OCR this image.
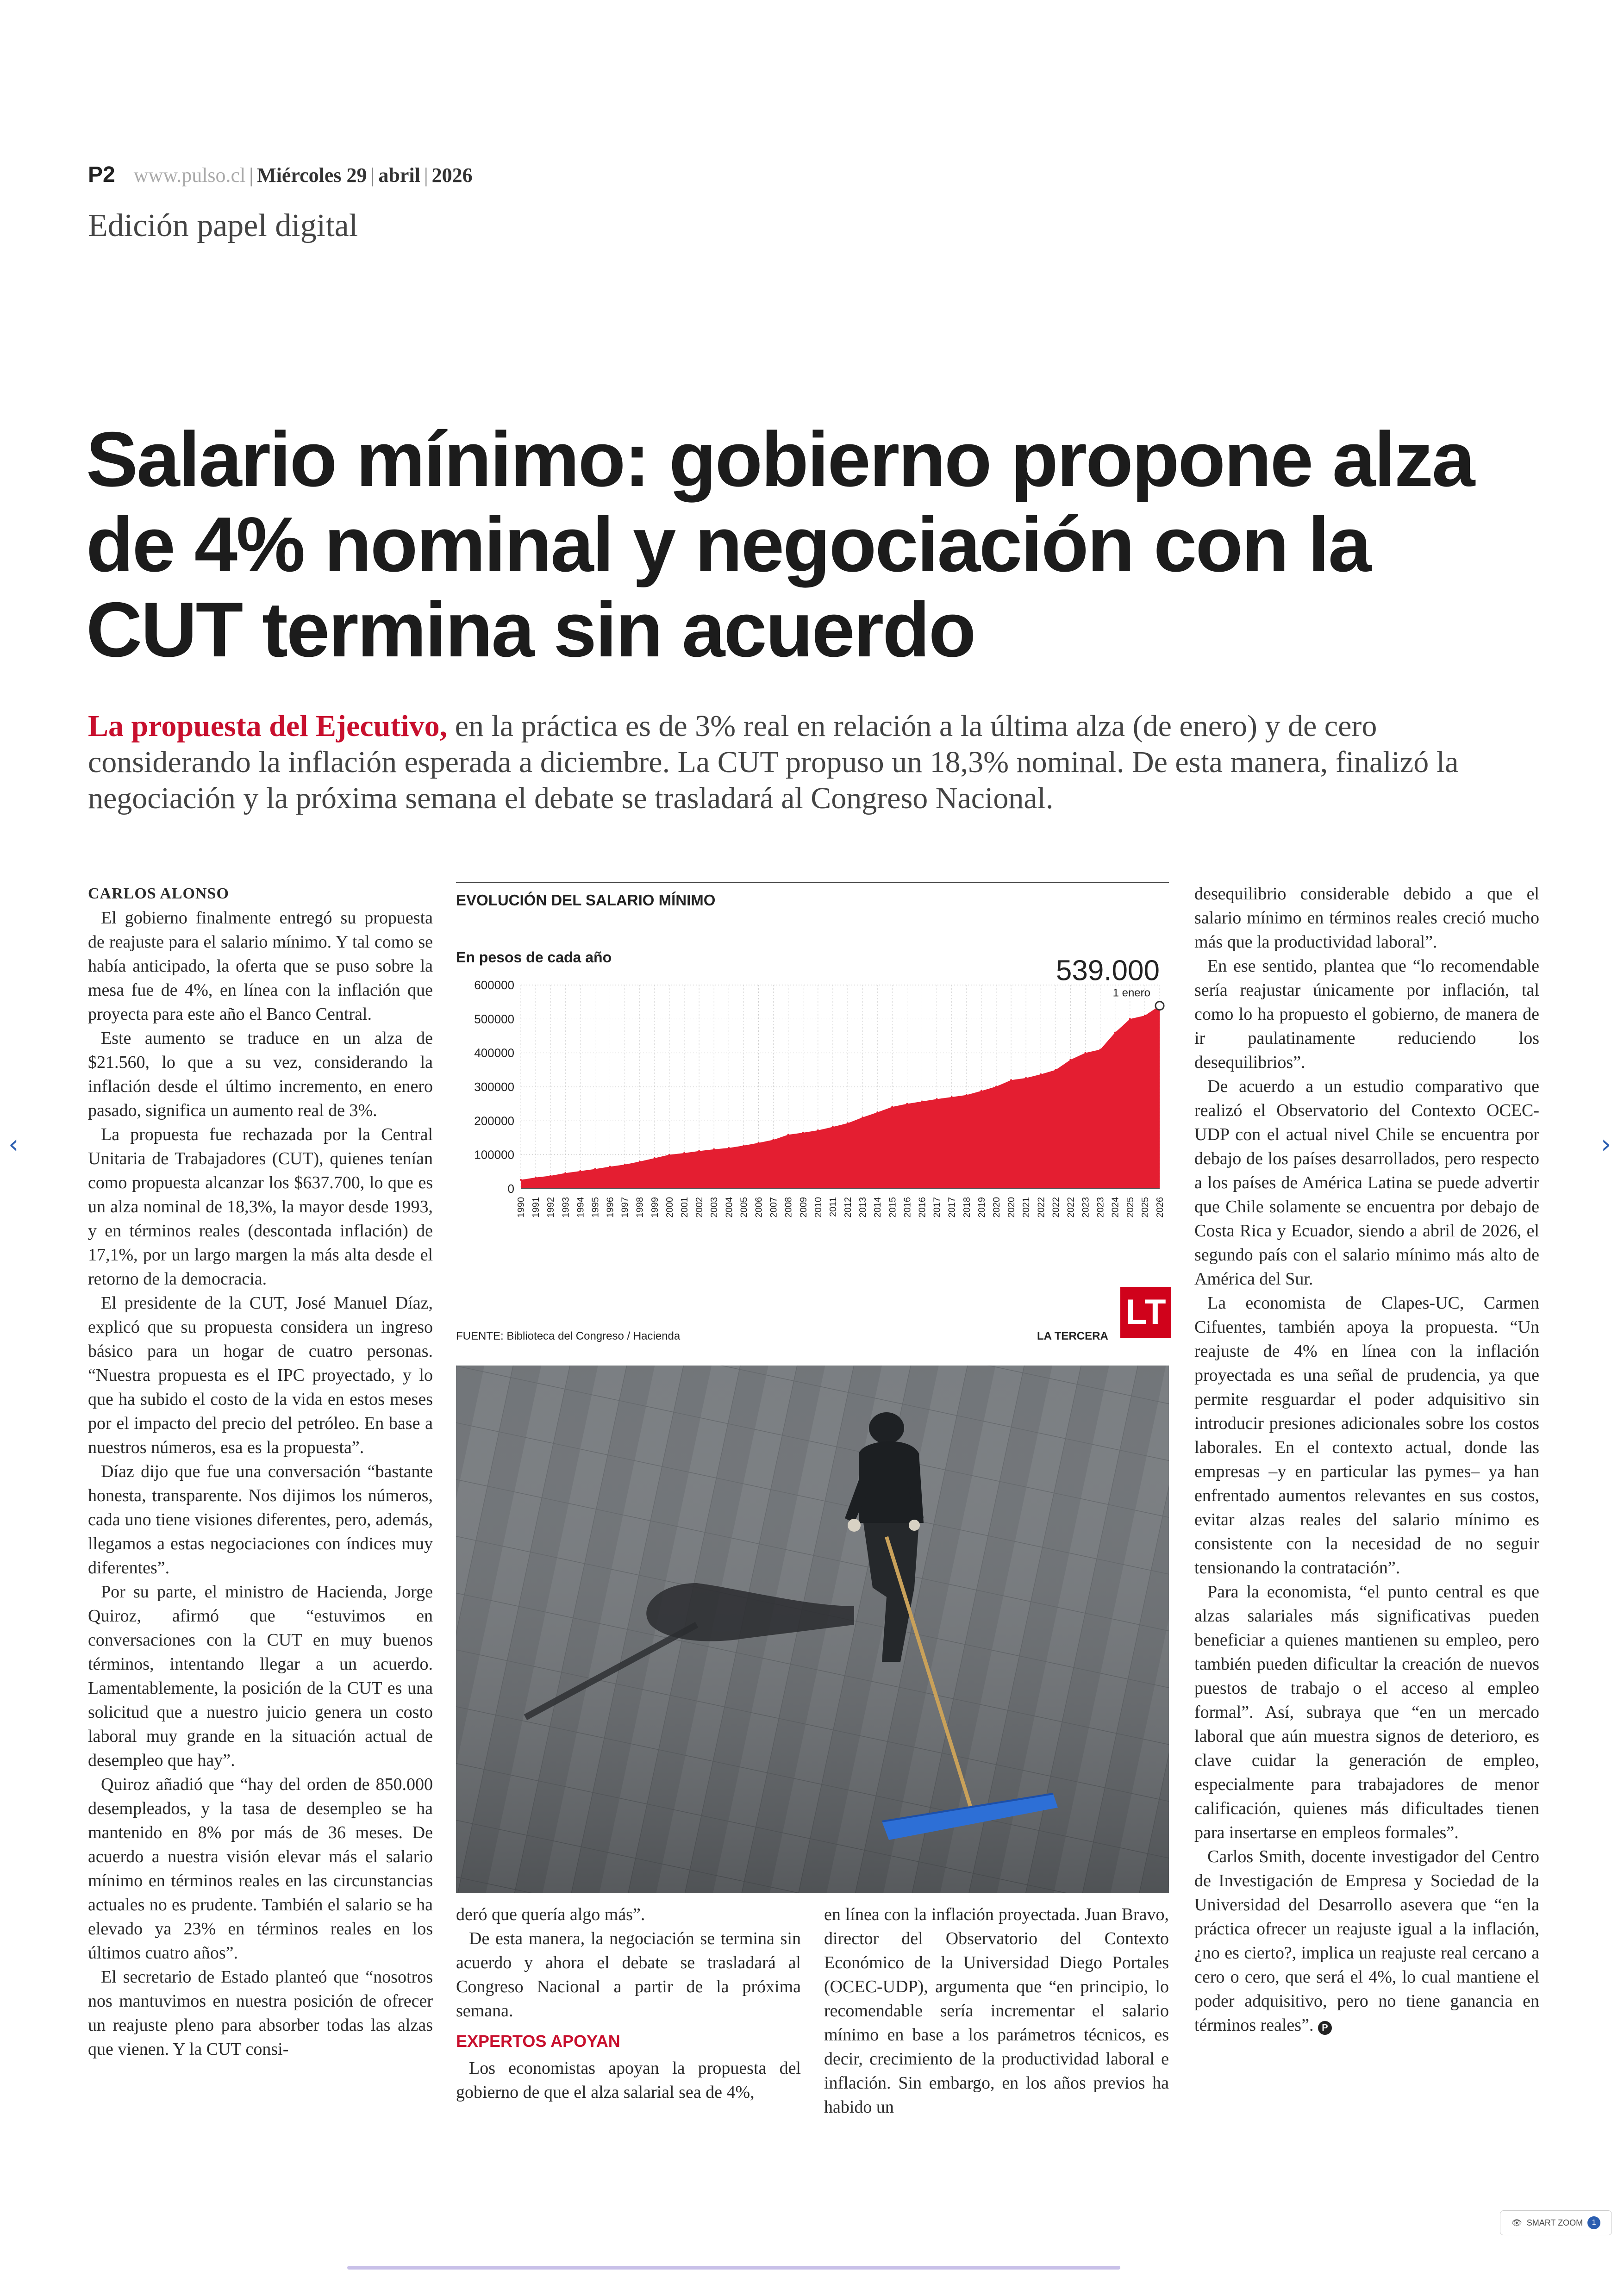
P2 www.pulso.cl | Miércoles 29 | abril | 2026
Edición papel digital
Salario mínimo: gobierno propone alza de 4% nominal y negociación con la CUT termina sin acuerdo
La propuesta del Ejecutivo, en la práctica es de 3% real en relación a la última alza (de enero) y de cero considerando la inflación esperada a diciembre. La CUT propuso un 18,3% nominal. De esta manera, finalizó la negociación y la próxima semana el debate se trasladará al Congreso Nacional.
CARLOS ALONSO

El gobierno finalmente entregó su propuesta de reajuste para el salario mínimo. Y tal como se había anticipado, la oferta que se puso sobre la mesa fue de 4%, en línea con la inflación que proyecta para este año el Banco Central.

Este aumento se traduce en un alza de $21.560, lo que a su vez, considerando la inflación desde el último incremento, en enero pasado, significa un aumento real de 3%.

La propuesta fue rechazada por la Central Unitaria de Trabajadores (CUT), quienes tenían como propuesta alcanzar los $637.700, lo que es un alza nominal de 18,3%, la mayor desde 1993, y en términos reales (descontada inflación) de 17,1%, por un largo margen la más alta desde el retorno de la democracia.

El presidente de la CUT, José Manuel Díaz, explicó que su propuesta considera un ingreso básico para un hogar de cuatro personas. “Nuestra propuesta es el IPC proyectado, y lo que ha subido el costo de la vida en estos meses por el impacto del precio del petróleo. En base a nuestros números, esa es la propuesta”.

Díaz dijo que fue una conversación “bastante honesta, transparente. Nos dijimos los números, cada uno tiene visiones diferentes, pero, además, llegamos a estas negociaciones con índices muy diferentes”.

Por su parte, el ministro de Hacienda, Jorge Quiroz, afirmó que “estuvimos en conversaciones con la CUT en muy buenos términos, intentando llegar a un acuerdo. Lamentablemente, la posición de la CUT es una solicitud que a nuestro juicio genera un costo laboral muy grande en la situación actual de desempleo que hay”.

Quiroz añadió que “hay del orden de 850.000 desempleados, y la tasa de desempleo se ha mantenido en 8% por más de 36 meses. De acuerdo a nuestra visión elevar más el salario mínimo en términos reales en las circunstancias actuales no es prudente. También el salario se ha elevado ya 23% en términos reales en los últimos cuatro años”.

El secretario de Estado planteó que “nosotros nos mantuvimos en nuestra posición de ofrecer un reajuste pleno para absorber todas las alzas que vienen. Y la CUT consi-

EVOLUCIÓN DEL SALARIO MÍNIMO
En pesos de cada año
600000
500000
400000
300000
200000
100000
0
539.000
1 enero
1990 1991 1992 1993 1994 1995 1996 1997 1998 1999 2000 2001 2002 2003 2004 2005 2006 2007 2008 2009 2010 2011 2012 2013 2014 2015 2016 2016 2017 2017 2018 2019 2020 2020 2021 2022 2022 2022 2023 2023 2024 2025 2025 2026
FUENTE: Biblioteca del Congreso / Hacienda	LA TERCERA
LT

deró que quería algo más”.

De esta manera, la negociación se termina sin acuerdo y ahora el debate se trasladará al Congreso Nacional a partir de la próxima semana.

EXPERTOS APOYAN

Los economistas apoyan la propuesta del gobierno de que el alza salarial sea de 4%,

en línea con la inflación proyectada. Juan Bravo, director del Observatorio del Contexto Económico de la Universidad Diego Portales (OCEC-UDP), argumenta que “en principio, lo recomendable sería incrementar el salario mínimo en base a los parámetros técnicos, es decir, crecimiento de la productividad laboral e inflación. Sin embargo, en los años previos ha habido un

desequilibrio considerable debido a que el salario mínimo en términos reales creció mucho más que la productividad laboral”.

En ese sentido, plantea que “lo recomendable sería reajustar únicamente por inflación, tal como lo ha propuesto el gobierno, de manera de ir paulatinamente reduciendo los desequilibrios”.

De acuerdo a un estudio comparativo que realizó el Observatorio del Contexto OCEC-UDP con el actual nivel Chile se encuentra por debajo de los países desarrollados, pero respecto a los países de América Latina se puede advertir que Chile solamente se encuentra por debajo de Costa Rica y Ecuador, siendo a abril de 2026, el segundo país con el salario mínimo más alto de América del Sur.

La economista de Clapes-UC, Carmen Cifuentes, también apoya la propuesta. “Un reajuste de 4% en línea con la inflación proyectada es una señal de prudencia, ya que permite resguardar el poder adquisitivo sin introducir presiones adicionales sobre los costos laborales. En el contexto actual, donde las empresas –y en particular las pymes– ya han enfrentado aumentos relevantes en sus costos, evitar alzas reales del salario mínimo es consistente con la necesidad de no seguir tensionando la contratación”.

Para la economista, “el punto central es que alzas salariales más significativas pueden beneficiar a quienes mantienen su empleo, pero también pueden dificultar la creación de nuevos puestos de trabajo o el acceso al empleo formal”. Así, subraya que “en un mercado laboral que aún muestra signos de deterioro, es clave cuidar la generación de empleo, especialmente para trabajadores de menor calificación, quienes más dificultades tienen para insertarse en empleos formales”.

Carlos Smith, docente investigador del Centro de Investigación de Empresa y Sociedad de la Universidad del Desarrollo asevera que “en la práctica ofrecer un reajuste igual a la inflación, ¿no es cierto?, implica un reajuste real cercano a cero o cero, que será el 4%, lo cual mantiene el poder adquisitivo, pero no tiene ganancia en términos reales”. P

‹	›
👁 SMART ZOOM	1
